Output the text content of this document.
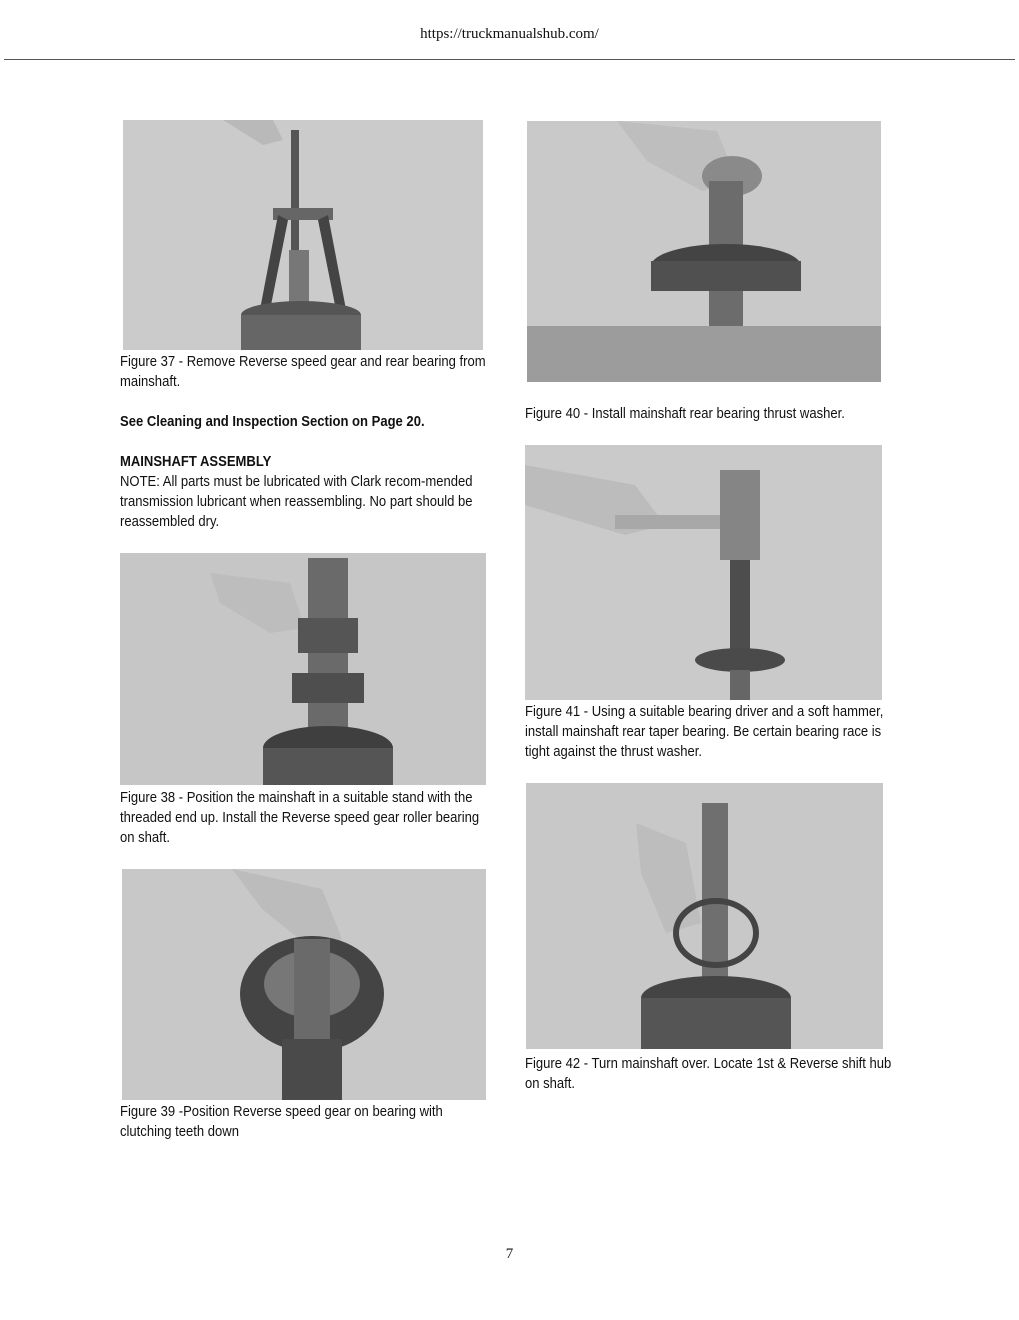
https://truckmanualshub.com/
Figure 37 - Remove Reverse speed gear and rear bearing from mainshaft.
See Cleaning and Inspection Section on Page 20.
MAINSHAFT ASSEMBLY
NOTE: All parts must be lubricated with Clark recom-mended transmission lubricant when reassembling. No part should be reassembled dry.
Figure 38 - Position the mainshaft in a suitable stand with the threaded end up. Install the Reverse speed gear roller bearing on shaft.
Figure 39 -Position Reverse speed gear on bearing with clutching teeth down
Figure 40 - Install mainshaft rear bearing thrust washer.
Figure 41 - Using a suitable bearing driver and a soft hammer, install mainshaft rear taper bearing. Be certain bearing race is tight against the thrust washer.
Figure 42 - Turn mainshaft over. Locate 1st & Reverse shift hub on shaft.
7
